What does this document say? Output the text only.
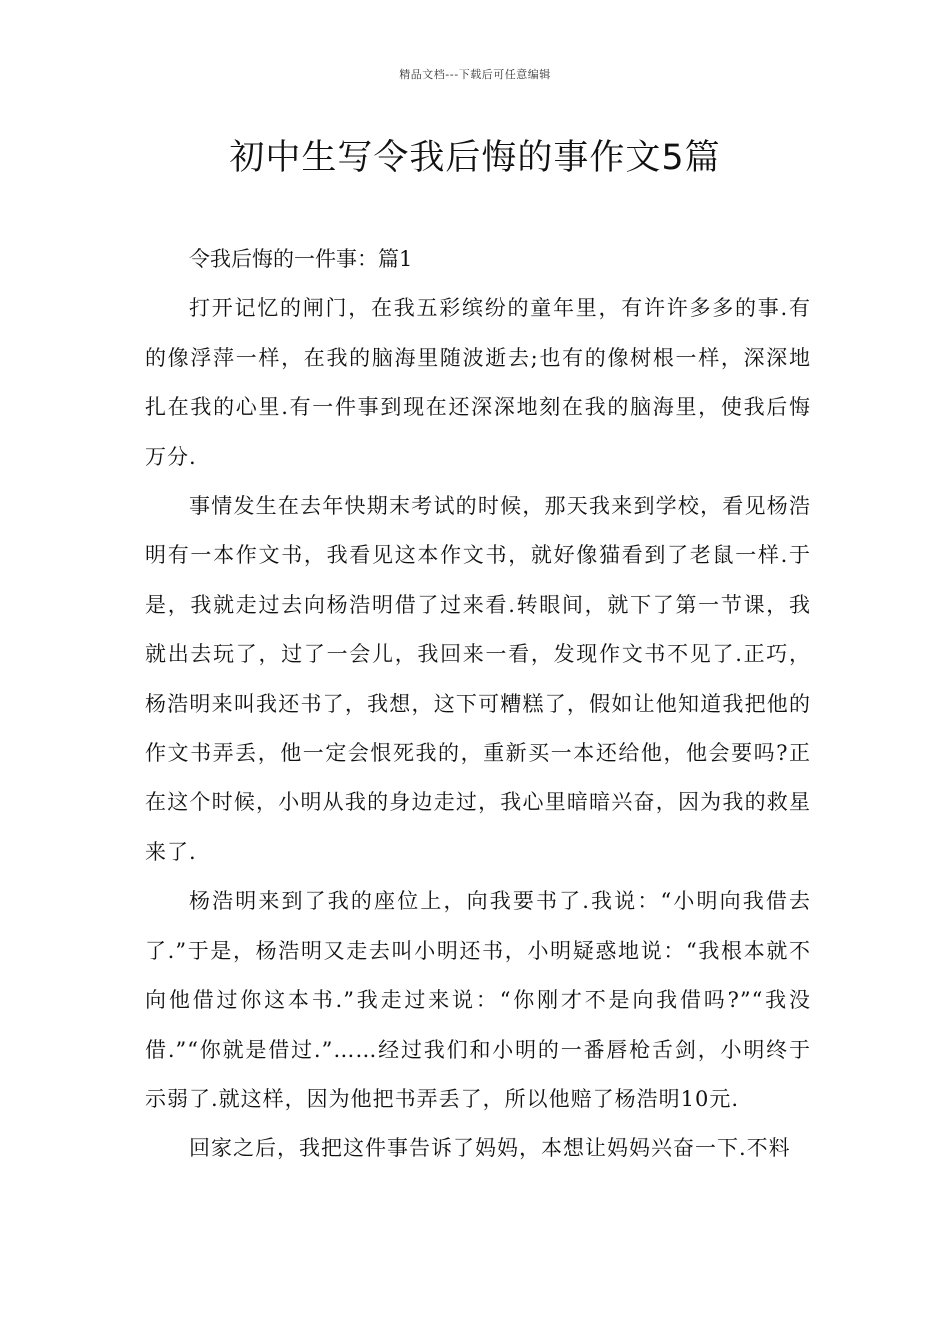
精品文档---下载后可任意编辑
初中生写令我后悔的事作文5篇

令我后悔的一件事：篇1

打开记忆的闸门，在我五彩缤纷的童年里，有许许多多的事.有的像浮萍一样，在我的脑海里随波逝去;也有的像树根一样，深深地扎在我的心里.有一件事到现在还深深地刻在我的脑海里，使我后悔万分.

事情发生在去年快期末考试的时候，那天我来到学校，看见杨浩明有一本作文书，我看见这本作文书，就好像猫看到了老鼠一样.于是，我就走过去向杨浩明借了过来看.转眼间，就下了第一节课，我就出去玩了，过了一会儿，我回来一看，发现作文书不见了.正巧，杨浩明来叫我还书了，我想，这下可糟糕了，假如让他知道我把他的作文书弄丢，他一定会恨死我的，重新买一本还给他，他会要吗?正在这个时候，小明从我的身边走过，我心里暗暗兴奋，因为我的救星来了.

杨浩明来到了我的座位上，向我要书了.我说：“小明向我借去了.”于是，杨浩明又走去叫小明还书，小明疑惑地说：“我根本就不向他借过你这本书.”我走过来说：“你刚才不是向我借吗?”“我没借.”“你就是借过.”……经过我们和小明的一番唇枪舌剑，小明终于示弱了.就这样，因为他把书弄丢了，所以他赔了杨浩明10元.

回家之后，我把这件事告诉了妈妈，本想让妈妈兴奋一下.不料
